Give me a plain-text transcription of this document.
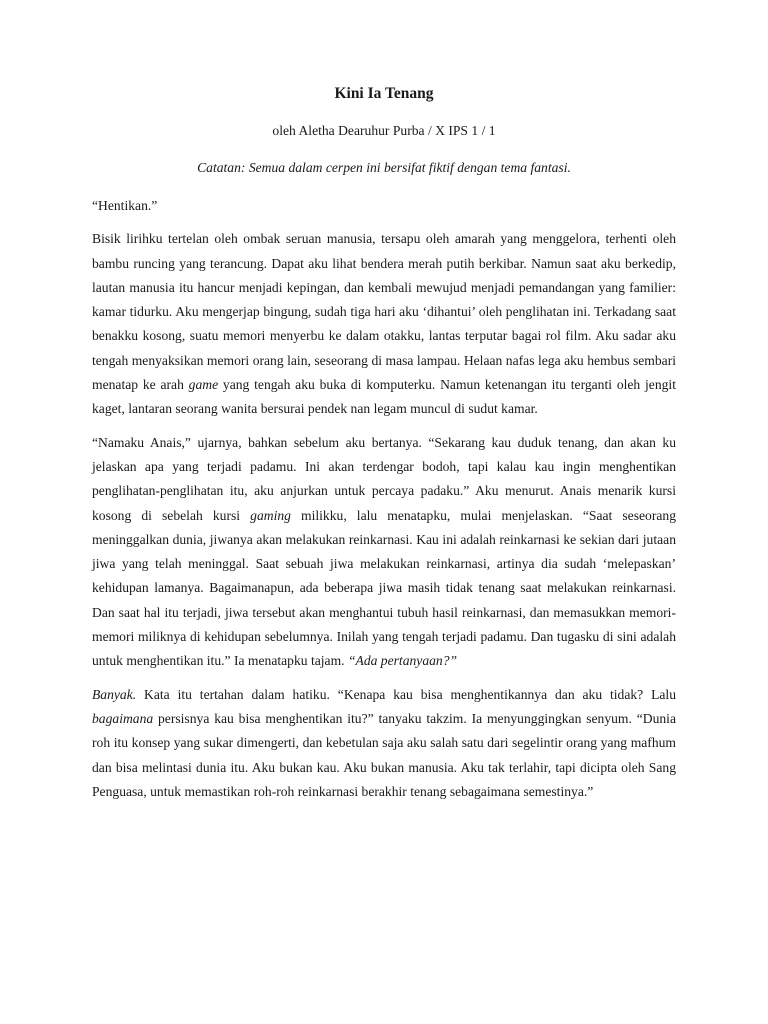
Kini Ia Tenang
oleh Aletha Dearuhur Purba / X IPS 1 / 1
Catatan: Semua dalam cerpen ini bersifat fiktif dengan tema fantasi.

“Hentikan.”

Bisik lirihku tertelan oleh ombak seruan manusia, tersapu oleh amarah yang menggelora, terhenti oleh bambu runcing yang terancung. Dapat aku lihat bendera merah putih berkibar. Namun saat aku berkedip, lautan manusia itu hancur menjadi kepingan, dan kembali mewujud menjadi pemandangan yang familier: kamar tidurku. Aku mengerjap bingung, sudah tiga hari aku ‘dihantui’ oleh penglihatan ini. Terkadang saat benakku kosong, suatu memori menyerbu ke dalam otakku, lantas terputar bagai rol film. Aku sadar aku tengah menyaksikan memori orang lain, seseorang di masa lampau. Helaan nafas lega aku hembus sembari menatap ke arah game yang tengah aku buka di komputerku. Namun ketenangan itu terganti oleh jengit kaget, lantaran seorang wanita bersurai pendek nan legam muncul di sudut kamar.

“Namaku Anais,” ujarnya, bahkan sebelum aku bertanya. “Sekarang kau duduk tenang, dan akan ku jelaskan apa yang terjadi padamu. Ini akan terdengar bodoh, tapi kalau kau ingin menghentikan penglihatan-penglihatan itu, aku anjurkan untuk percaya padaku.” Aku menurut. Anais menarik kursi kosong di sebelah kursi gaming milikku, lalu menatapku, mulai menjelaskan. “Saat seseorang meninggalkan dunia, jiwanya akan melakukan reinkarnasi. Kau ini adalah reinkarnasi ke sekian dari jutaan jiwa yang telah meninggal. Saat sebuah jiwa melakukan reinkarnasi, artinya dia sudah ‘melepaskan’ kehidupan lamanya. Bagaimanapun, ada beberapa jiwa masih tidak tenang saat melakukan reinkarnasi. Dan saat hal itu terjadi, jiwa tersebut akan menghantui tubuh hasil reinkarnasi, dan memasukkan memori-memori miliknya di kehidupan sebelumnya. Inilah yang tengah terjadi padamu. Dan tugasku di sini adalah untuk menghentikan itu.” Ia menatapku tajam. “Ada pertanyaan?”

Banyak. Kata itu tertahan dalam hatiku. “Kenapa kau bisa menghentikannya dan aku tidak? Lalu bagaimana persisnya kau bisa menghentikan itu?” tanyaku takzim. Ia menyunggingkan senyum. “Dunia roh itu konsep yang sukar dimengerti, dan kebetulan saja aku salah satu dari segelintir orang yang mafhum dan bisa melintasi dunia itu. Aku bukan kau. Aku bukan manusia. Aku tak terlahir, tapi dicipta oleh Sang Penguasa, untuk memastikan roh-roh reinkarnasi berakhir tenang sebagaimana semestinya.”
